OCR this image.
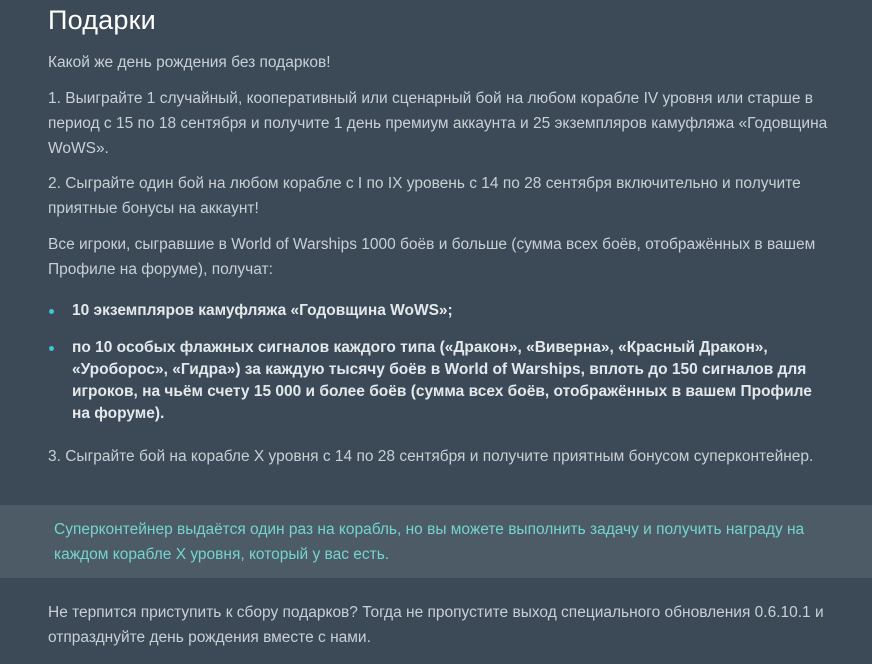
Подарки

Какой же день рождения без подарков!

1. Выиграйте 1 случайный, кооперативный или сценарный бой на любом корабле IV уровня или старше в период с 15 по 18 сентября и получите 1 день премиум аккаунта и 25 экземпляров камуфляжа «Годовщина WoWS».

2. Сыграйте один бой на любом корабле с I по IX уровень с 14 по 28 сентября включительно и получите приятные бонусы на аккаунт!

Все игроки, сыгравшие в World of Warships 1000 боёв и больше (сумма всех боёв, отображённых в вашем Профиле на форуме), получат:

10 экземпляров камуфляжа «Годовщина WoWS»;
по 10 особых флажных сигналов каждого типа («Дракон», «Виверна», «Красный Дракон», «Уроборос», «Гидра») за каждую тысячу боёв в World of Warships, вплоть до 150 сигналов для игроков, на чьём счету 15 000 и более боёв (сумма всех боёв, отображённых в вашем Профиле на форуме).

3. Сыграйте бой на корабле X уровня с 14 по 28 сентября и получите приятным бонусом суперконтейнер.

Суперконтейнер выдаётся один раз на корабль, но вы можете выполнить задачу и получить награду на каждом корабле X уровня, который у вас есть.

Не терпится приступить к сбору подарков? Тогда не пропустите выход специального обновления 0.6.10.1 и отпразднуйте день рождения вместе с нами.
